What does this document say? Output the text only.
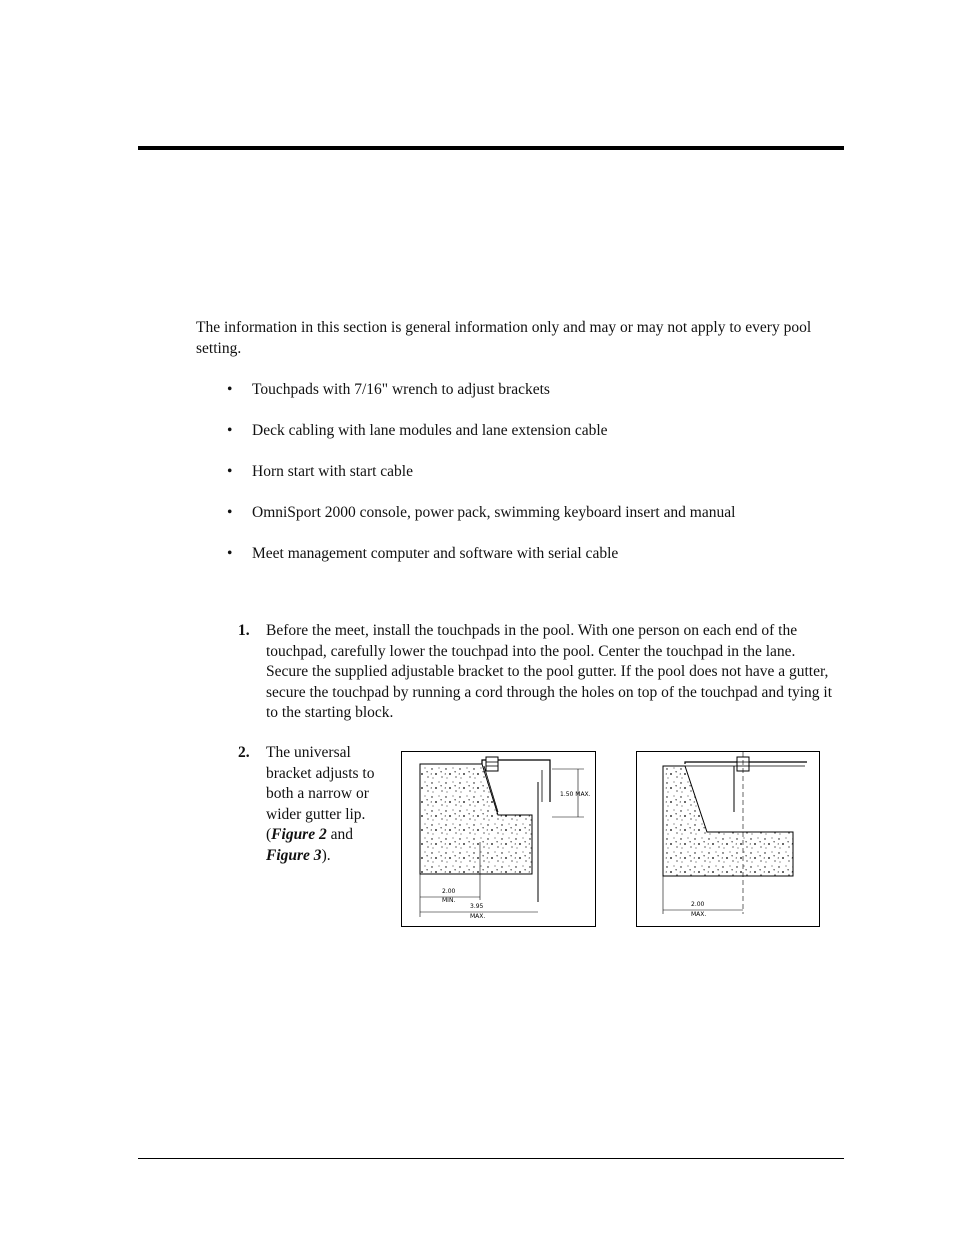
The information in this section is general information only and may or may not apply to every pool setting.

• Touchpads with 7/16" wrench to adjust brackets
• Deck cabling with lane modules and lane extension cable
• Horn start with start cable
• OmniSport 2000 console, power pack, swimming keyboard insert and manual
• Meet management computer and software with serial cable
1. Before the meet, install the touchpads in the pool. With one person on each end of the touchpad, carefully lower the touchpad into the pool. Center the touchpad in the lane. Secure the supplied adjustable bracket to the pool gutter. If the pool does not have a gutter, secure the touchpad by running a cord through the holes on top of the touchpad and tying it to the starting block.
2. The universal bracket adjusts to both a narrow or wider gutter lip. (Figure 2 and Figure 3).
1.50 MAX.
2.00
MIN.
3.95
MAX.
2.00
MAX.
